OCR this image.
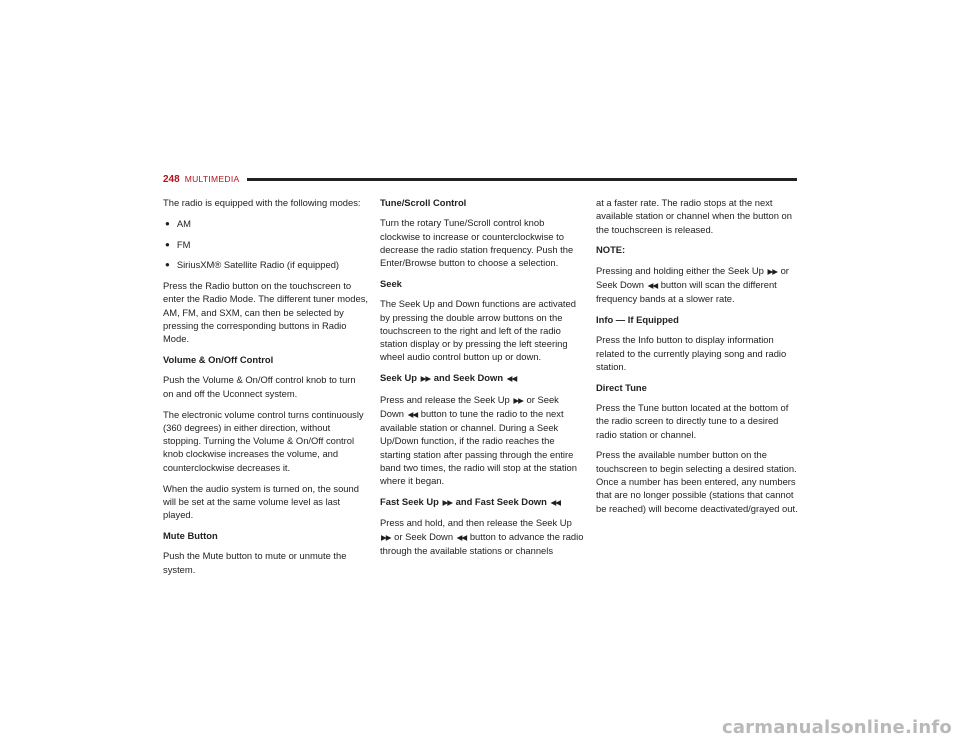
248 MULTIMEDIA

The radio is equipped with the following modes:

● AM
● FM
● SiriusXM® Satellite Radio (if equipped)

Press the Radio button on the touchscreen to enter the Radio Mode. The different tuner modes, AM, FM, and SXM, can then be selected by pressing the corresponding buttons in Radio Mode.

Volume & On/Off Control

Push the Volume & On/Off control knob to turn on and off the Uconnect system.

The electronic volume control turns continuously (360 degrees) in either direction, without stopping. Turning the Volume & On/Off control knob clockwise increases the volume, and counterclockwise decreases it.

When the audio system is turned on, the sound will be set at the same volume level as last played.

Mute Button

Push the Mute button to mute or unmute the system.

Tune/Scroll Control

Turn the rotary Tune/Scroll control knob clockwise to increase or counterclockwise to decrease the radio station frequency. Push the Enter/Browse button to choose a selection.

Seek

The Seek Up and Down functions are activated by pressing the double arrow buttons on the touchscreen to the right and left of the radio station display or by pressing the left steering wheel audio control button up or down.

Seek Up ▶▶ and Seek Down ◀◀

Press and release the Seek Up ▶▶ or Seek Down ◀◀ button to tune the radio to the next available station or channel. During a Seek Up/Down function, if the radio reaches the starting station after passing through the entire band two times, the radio will stop at the station where it began.

Fast Seek Up ▶▶ and Fast Seek Down ◀◀

Press and hold, and then release the Seek Up ▶▶ or Seek Down ◀◀ button to advance the radio through the available stations or channels

at a faster rate. The radio stops at the next available station or channel when the button on the touchscreen is released.

NOTE:

Pressing and holding either the Seek Up ▶▶ or Seek Down ◀◀ button will scan the different frequency bands at a slower rate.

Info — If Equipped

Press the Info button to display information related to the currently playing song and radio station.

Direct Tune

Press the Tune button located at the bottom of the radio screen to directly tune to a desired radio station or channel.

Press the available number button on the touchscreen to begin selecting a desired station. Once a number has been entered, any numbers that are no longer possible (stations that cannot be reached) will become deactivated/grayed out.

carmanualsonline.info
